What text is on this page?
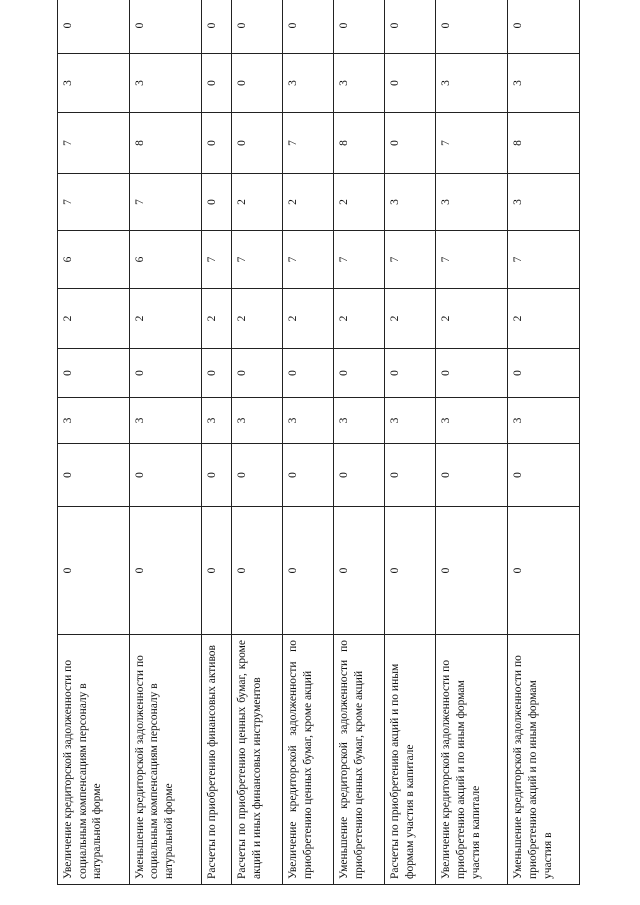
Увеличение кредиторской задолженности по социальным компенсациям персоналу в натуральной форме	0	0	3	0	2	6	7	7	3	0
Уменьшение кредиторской задолженности по социальным компенсациям персоналу в натуральной форме	0	0	3	0	2	6	7	8	3	0
Расчеты по приобретению финансовых активов	0	0	3	0	2	7	0	0	0	0
Расчеты по приобретению ценных бумаг, кроме акций и иных финансовых инструментов	0	0	3	0	2	7	2	0	0	0
Увеличение кредиторской задолженности по приобретению ценных бумаг, кроме акций	0	0	3	0	2	7	2	7	3	0
Уменьшение кредиторской задолженности по приобретению ценных бумаг, кроме акций	0	0	3	0	2	7	2	8	3	0
Расчеты по приобретению акций и по иным формам участия в капитале	0	0	3	0	2	7	3	0	0	0
Увеличение кредиторской задолженности по приобретению акций и по иным формам участия в капитале	0	0	3	0	2	7	3	7	3	0
Уменьшение кредиторской задолженности по приобретению акций и по иным формам участия в	0	0	3	0	2	7	3	8	3	0
